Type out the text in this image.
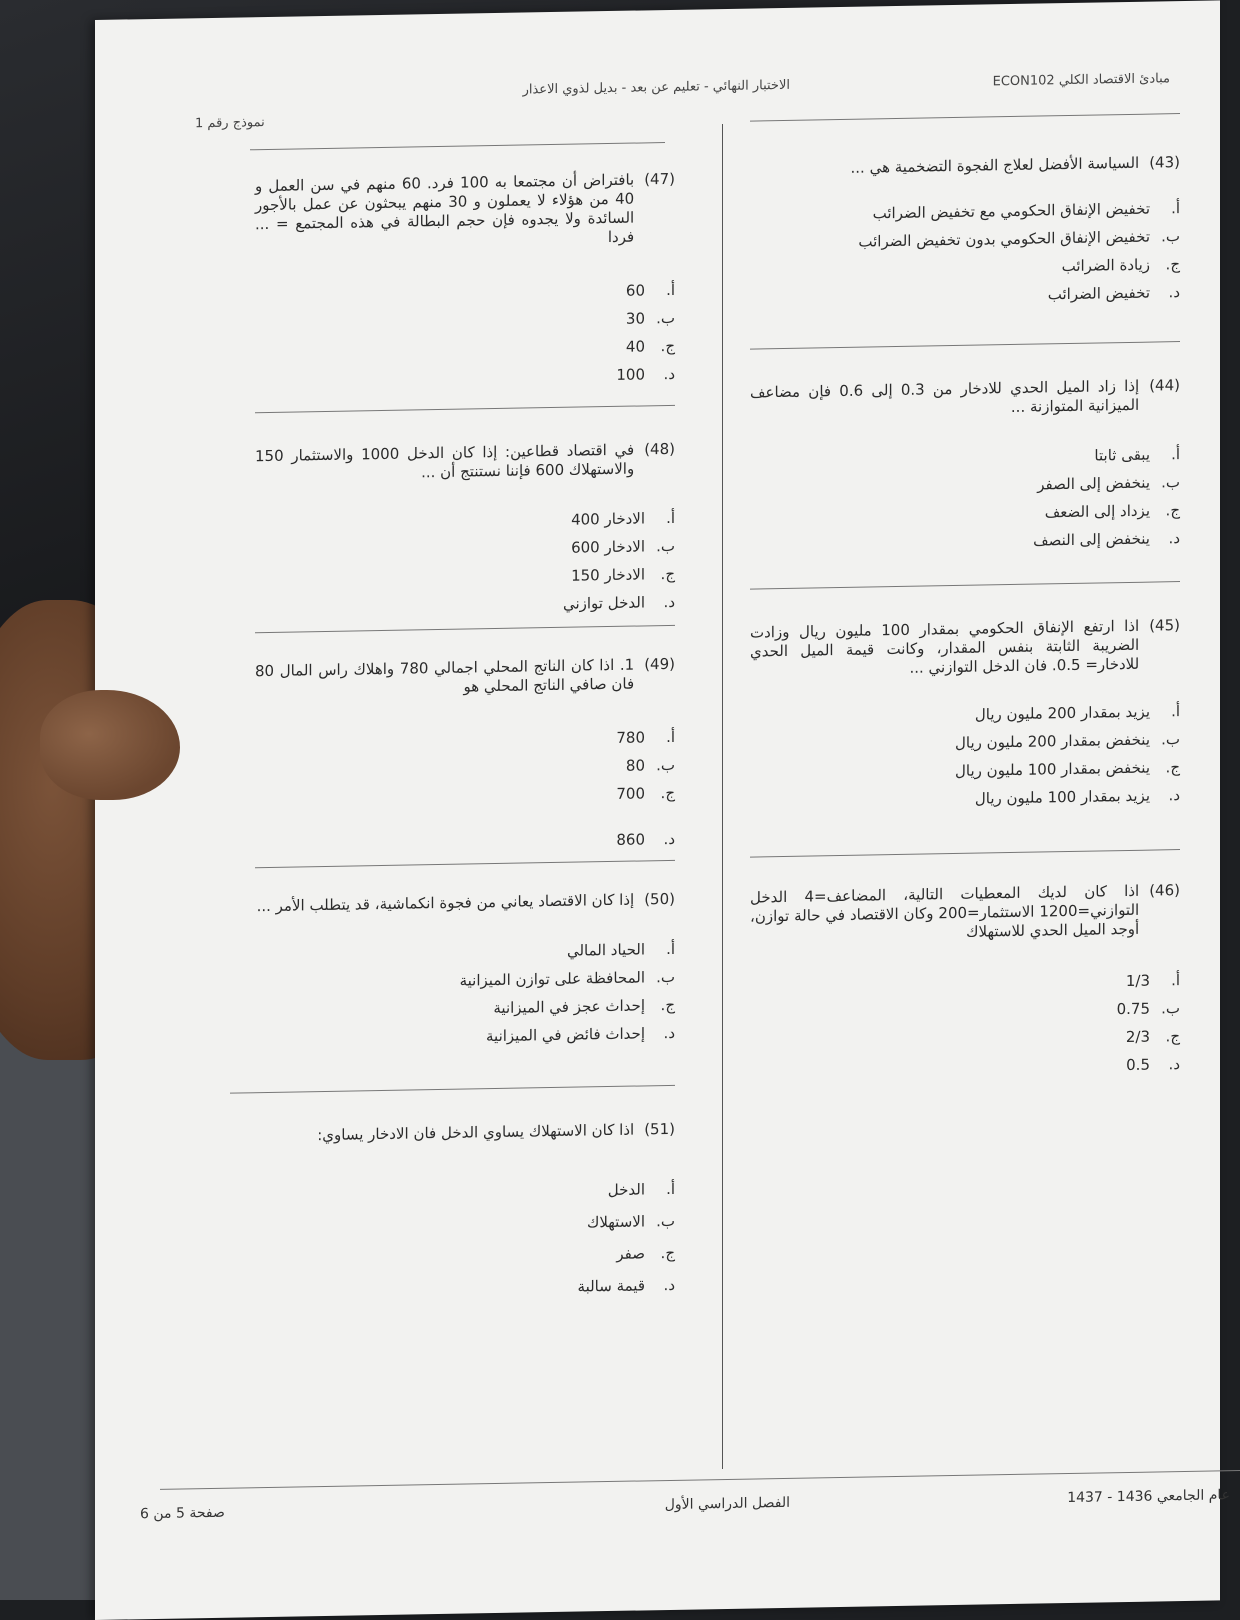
مبادئ الاقتصاد الكلي ECON102
الاختبار النهائي - تعليم عن بعد - بديل لذوي الاعذار
نموذج رقم 1
(43)
السياسة الأفضل لعلاج الفجوة التضخمية هي ...
أ.
تخفيض الإنفاق الحكومي مع تخفيض الضرائب
ب.
تخفيض الإنفاق الحكومي بدون تخفيض الضرائب
ج.
زيادة الضرائب
د.
تخفيض الضرائب
(44)
إذا زاد الميل الحدي للادخار من 0.3 إلى 0.6 فإن مضاعف الميزانية المتوازنة ...
أ.
يبقى ثابتا
ب.
ينخفض إلى الصفر
ج.
يزداد إلى الضعف
د.
ينخفض إلى النصف
(45)
اذا ارتفع الإنفاق الحكومي بمقدار 100 مليون ريال وزادت الضريبة الثابتة بنفس المقدار، وكانت قيمة الميل الحدي للادخار= 0.5. فان الدخل التوازني ...
أ.
يزيد بمقدار 200 مليون ريال
ب.
ينخفض بمقدار 200 مليون ريال
ج.
ينخفض بمقدار 100 مليون ريال
د.
يزيد بمقدار 100 مليون ريال
(46)
اذا كان لديك المعطيات التالية، المضاعف=4 الدخل التوازني=1200 الاستثمار=200 وكان الاقتصاد في حالة توازن، أوجد الميل الحدي للاستهلاك
أ.
1/3
ب.
0.75
ج.
2/3
د.
0.5
(47)
بافتراض أن مجتمعا به 100 فرد. 60 منهم في سن العمل و 40 من هؤلاء لا يعملون و 30 منهم يبحثون عن عمل بالأجور السائدة ولا يجدوه فإن حجم البطالة في هذه المجتمع = ... فردا
أ.
60
ب.
30
ج.
40
د.
100
(48)
في اقتصاد قطاعين: إذا كان الدخل 1000 والاستثمار 150 والاستهلاك 600 فإننا نستنتج أن ...
أ.
الادخار 400
ب.
الادخار 600
ج.
الادخار 150
د.
الدخل توازني
(49)
1. اذا كان الناتج المحلي اجمالي 780 واهلاك راس المال 80 فان صافي الناتج المحلي هو
أ.
780
ب.
80
ج.
700
د.
860
(50)
إذا كان الاقتصاد يعاني من فجوة انكماشية، قد يتطلب الأمر ...
أ.
الحياد المالي
ب.
المحافظة على توازن الميزانية
ج.
إحداث عجز في الميزانية
د.
إحداث فائض في الميزانية
(51)
اذا كان الاستهلاك يساوي الدخل فان الادخار يساوي:
أ.
الدخل
ب.
الاستهلاك
ج.
صفر
د.
قيمة سالبة
عام الجامعي 1436 - 1437
الفصل الدراسي الأول
صفحة 5 من 6
